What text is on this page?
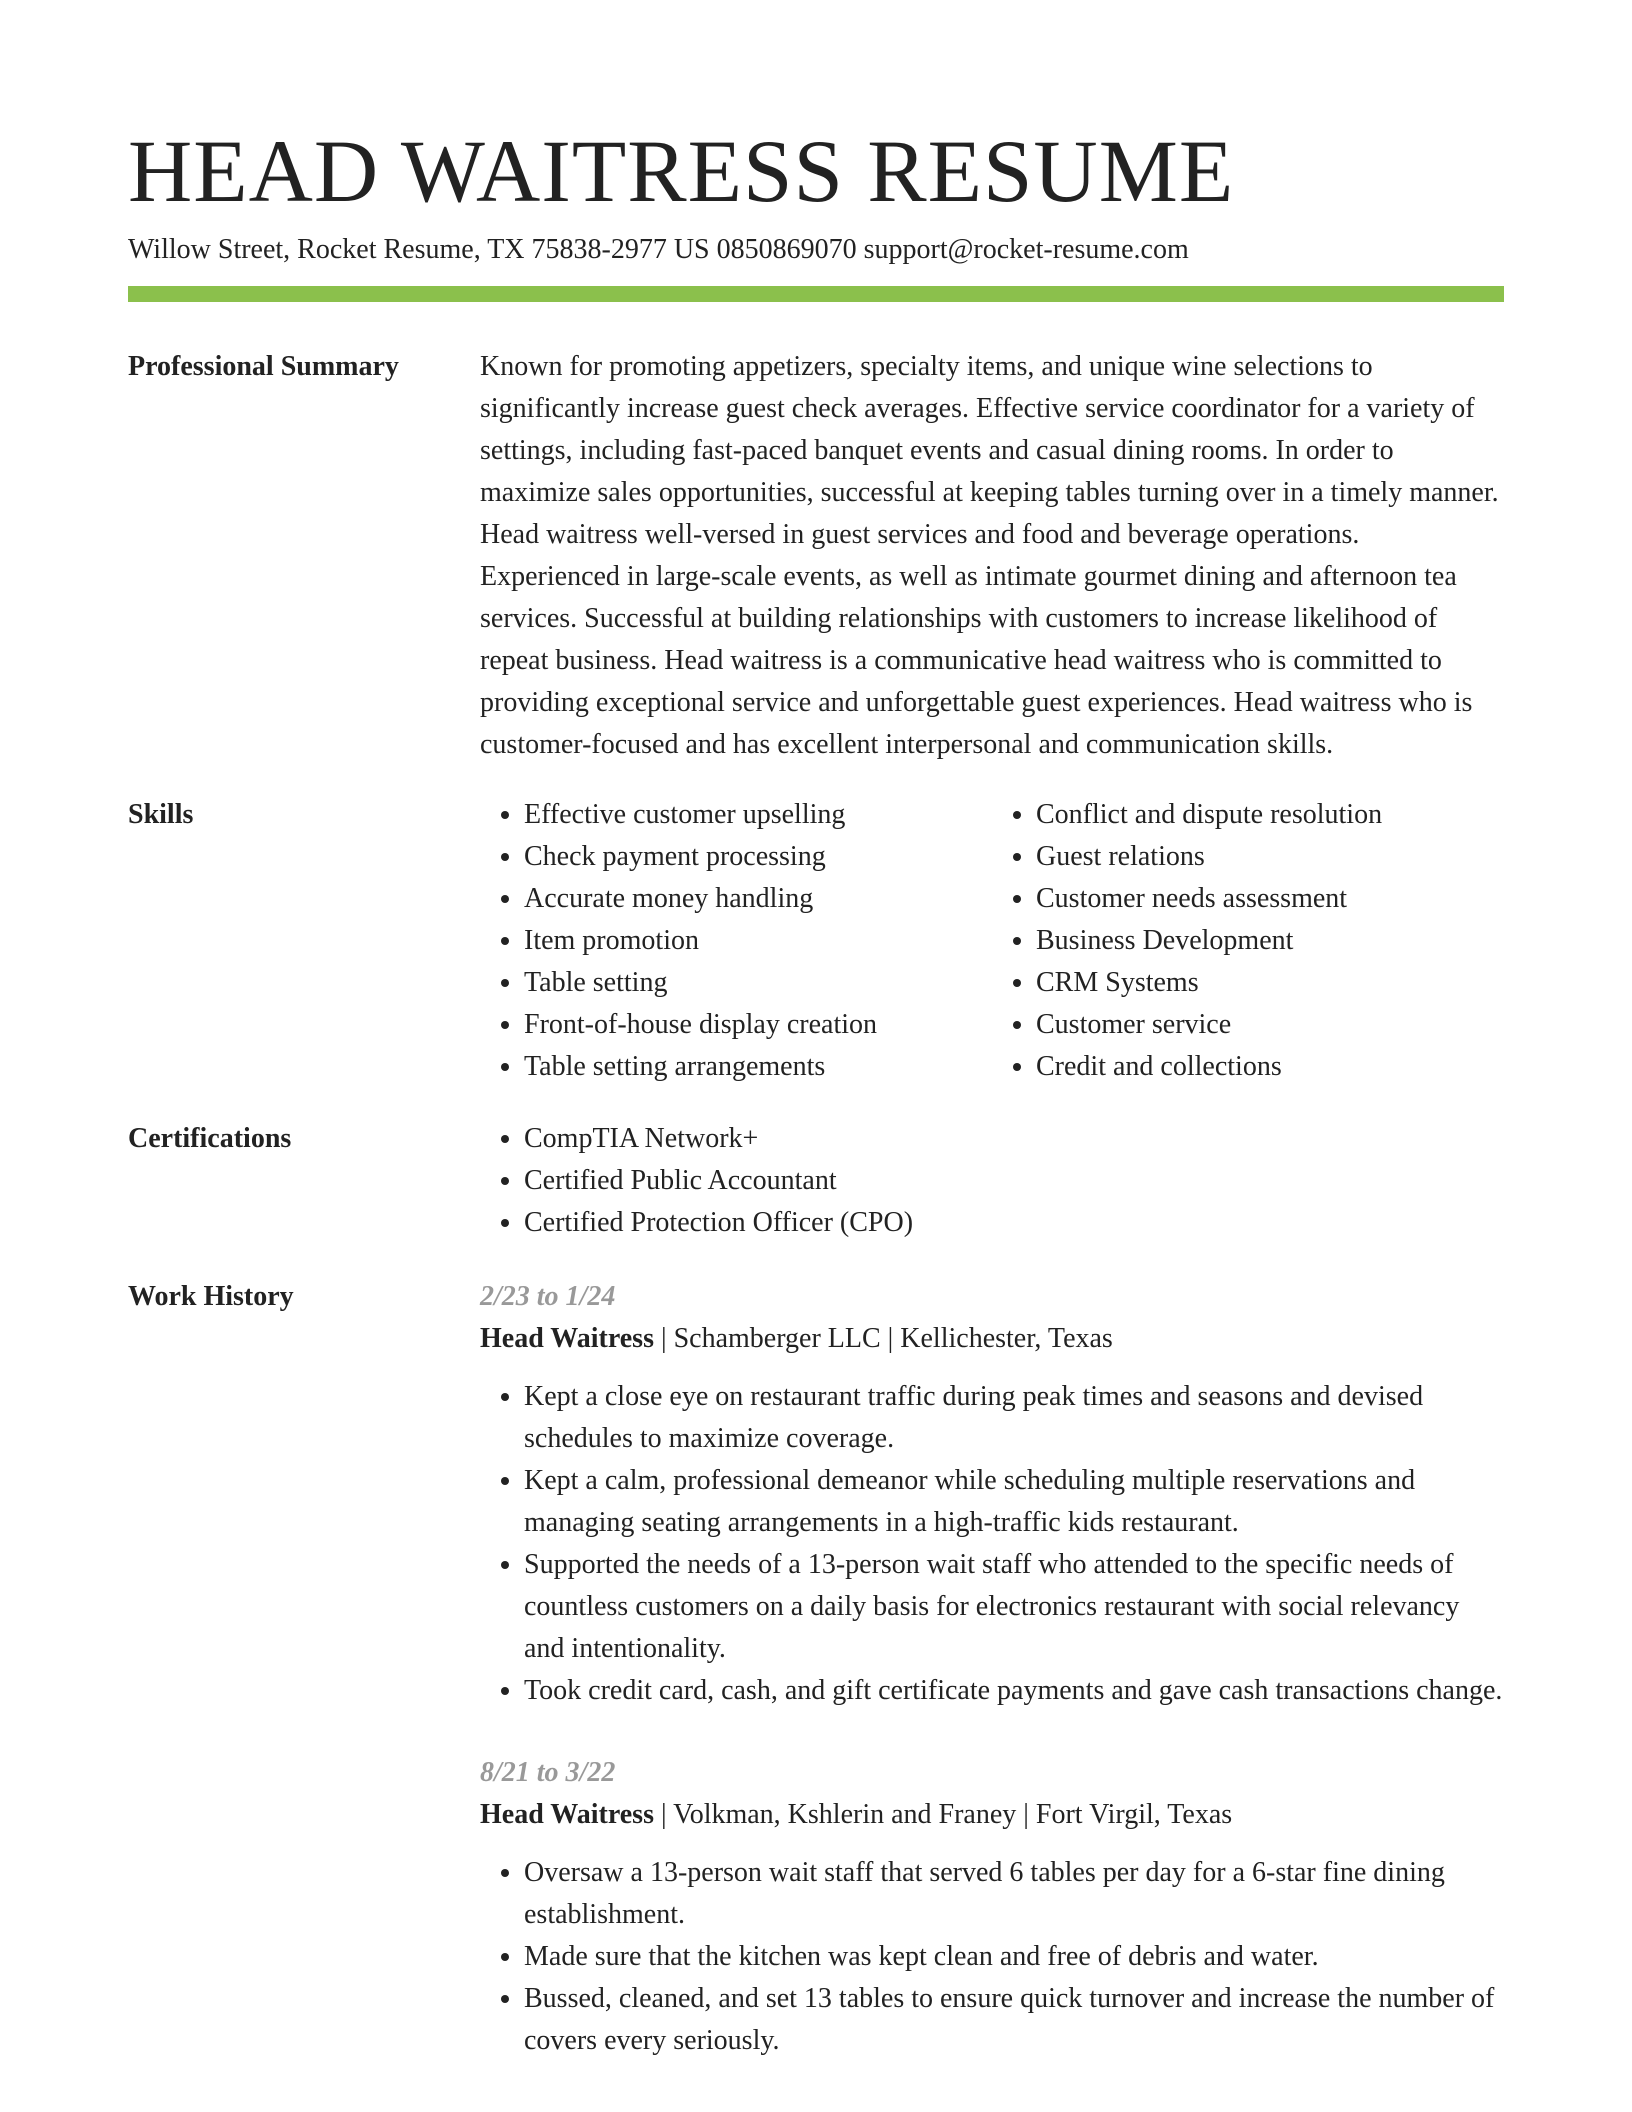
HEAD WAITRESS RESUME
Willow Street, Rocket Resume, TX 75838-2977 US 0850869070 support@rocket-resume.com
Professional Summary	Known for promoting appetizers, specialty items, and unique wine selections to significantly increase guest check averages. Effective service coordinator for a variety of settings, including fast-paced banquet events and casual dining rooms. In order to maximize sales opportunities, successful at keeping tables turning over in a timely manner. Head waitress well-versed in guest services and food and beverage operations. Experienced in large-scale events, as well as intimate gourmet dining and afternoon tea services. Successful at building relationships with customers to increase likelihood of repeat business. Head waitress is a communicative head waitress who is committed to providing exceptional service and unforgettable guest experiences. Head waitress who is customer-focused and has excellent interpersonal and communication skills.

Skills	• Effective customer upselling
• Check payment processing
• Accurate money handling
• Item promotion
• Table setting
• Front-of-house display creation
• Table setting arrangements
• Conflict and dispute resolution
• Guest relations
• Customer needs assessment
• Business Development
• CRM Systems
• Customer service
• Credit and collections
Certifications	• CompTIA Network+
• Certified Public Accountant
• Certified Protection Officer (CPO)
Work History	2/23 to 1/24
Head Waitress | Schamberger LLC | Kellichester, Texas
• Kept a close eye on restaurant traffic during peak times and seasons and devised schedules to maximize coverage.
• Kept a calm, professional demeanor while scheduling multiple reservations and managing seating arrangements in a high-traffic kids restaurant.
• Supported the needs of a 13-person wait staff who attended to the specific needs of countless customers on a daily basis for electronics restaurant with social relevancy and intentionality.
• Took credit card, cash, and gift certificate payments and gave cash transactions change.
8/21 to 3/22
Head Waitress | Volkman, Kshlerin and Franey | Fort Virgil, Texas
• Oversaw a 13-person wait staff that served 6 tables per day for a 6-star fine dining establishment.
• Made sure that the kitchen was kept clean and free of debris and water.
• Bussed, cleaned, and set 13 tables to ensure quick turnover and increase the number of covers every seriously.
